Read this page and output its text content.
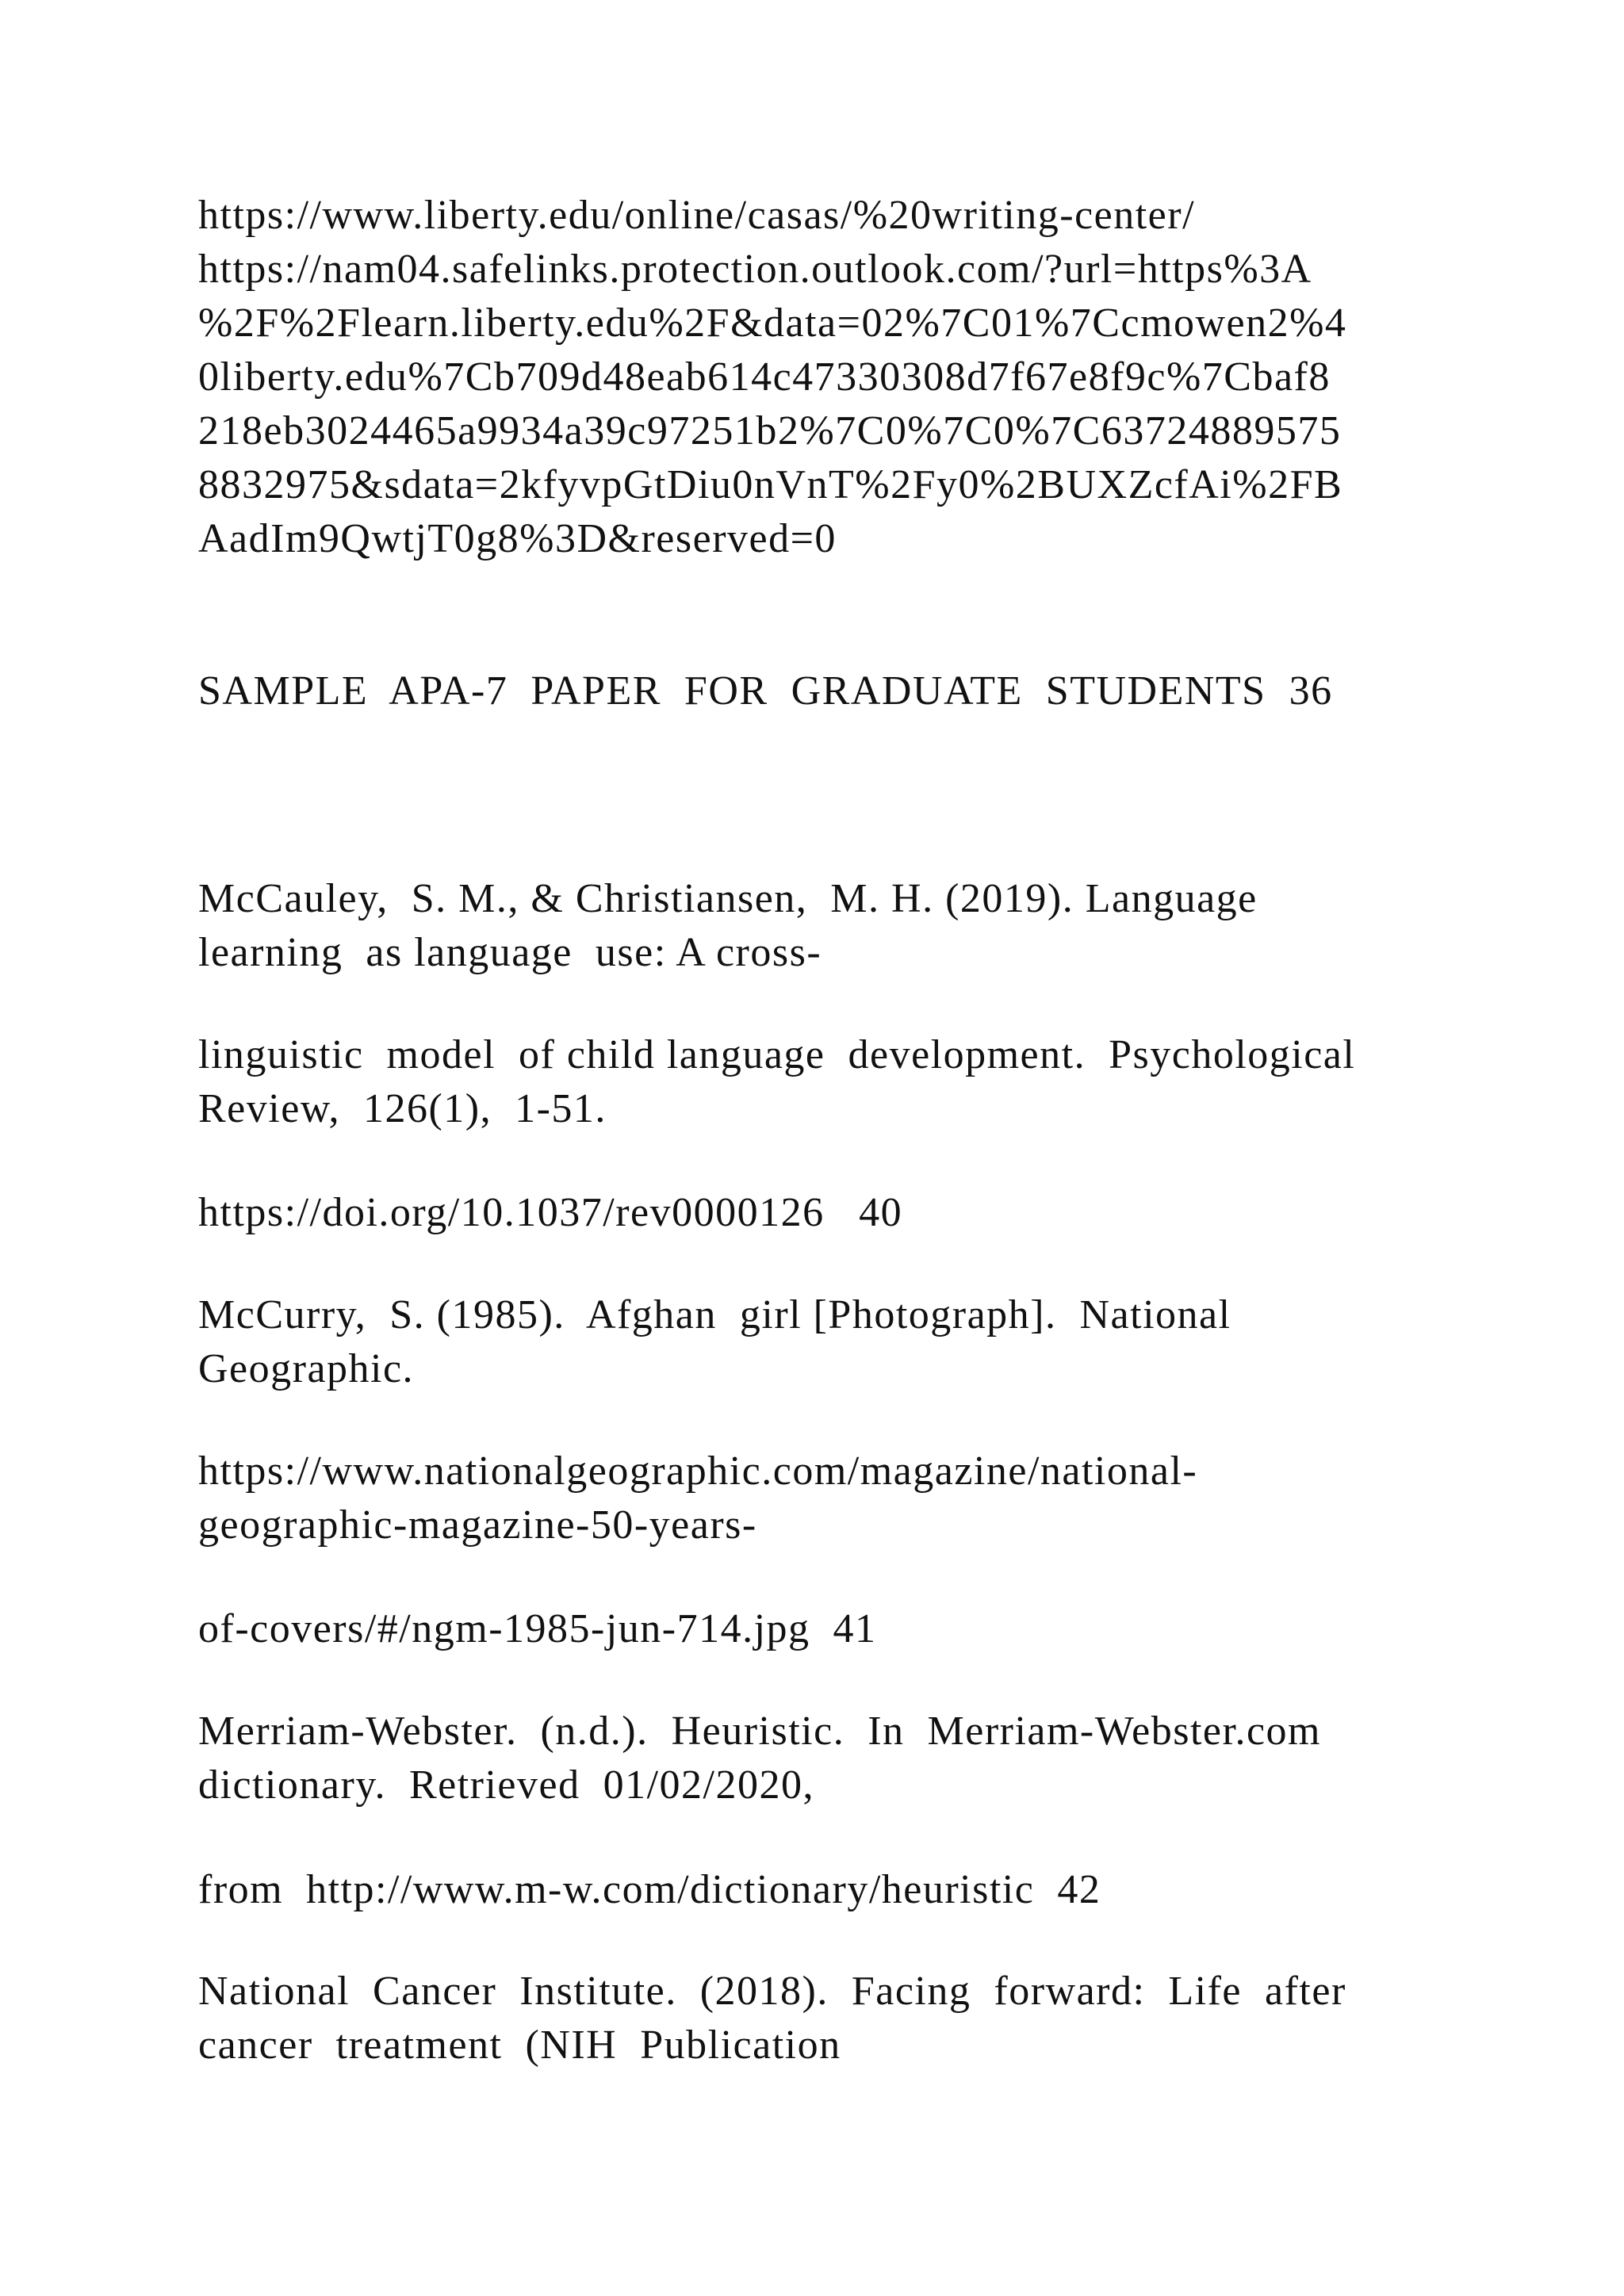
https://www.liberty.edu/online/casas/%20writing-center/
https://nam04.safelinks.protection.outlook.com/?url=https%3A
%2F%2Flearn.liberty.edu%2F&data=02%7C01%7Ccmowen2%4
0liberty.edu%7Cb709d48eab614c47330308d7f67e8f9c%7Cbaf8
218eb3024465a9934a39c97251b2%7C0%7C0%7C63724889575
8832975&sdata=2kfyvpGtDiu0nVnT%2Fy0%2BUXZcfAi%2FB
AadIm9QwtjT0g8%3D&reserved=0
SAMPLE  APA-7  PAPER  FOR  GRADUATE  STUDENTS  36
McCauley,  S. M., & Christiansen,  M. H. (2019). Language
learning  as language  use: A cross-
linguistic  model  of child language  development.  Psychological
Review,  126(1),  1-51.
https://doi.org/10.1037/rev0000126   40
McCurry,  S. (1985).  Afghan  girl [Photograph].  National
Geographic.
https://www.nationalgeographic.com/magazine/national-
geographic-magazine-50-years-
of-covers/#/ngm-1985-jun-714.jpg  41
Merriam-Webster.  (n.d.).  Heuristic.  In  Merriam-Webster.com
dictionary.  Retrieved  01/02/2020,
from  http://www.m-w.com/dictionary/heuristic  42
National  Cancer  Institute.  (2018).  Facing  forward:  Life  after
cancer  treatment  (NIH  Publication
